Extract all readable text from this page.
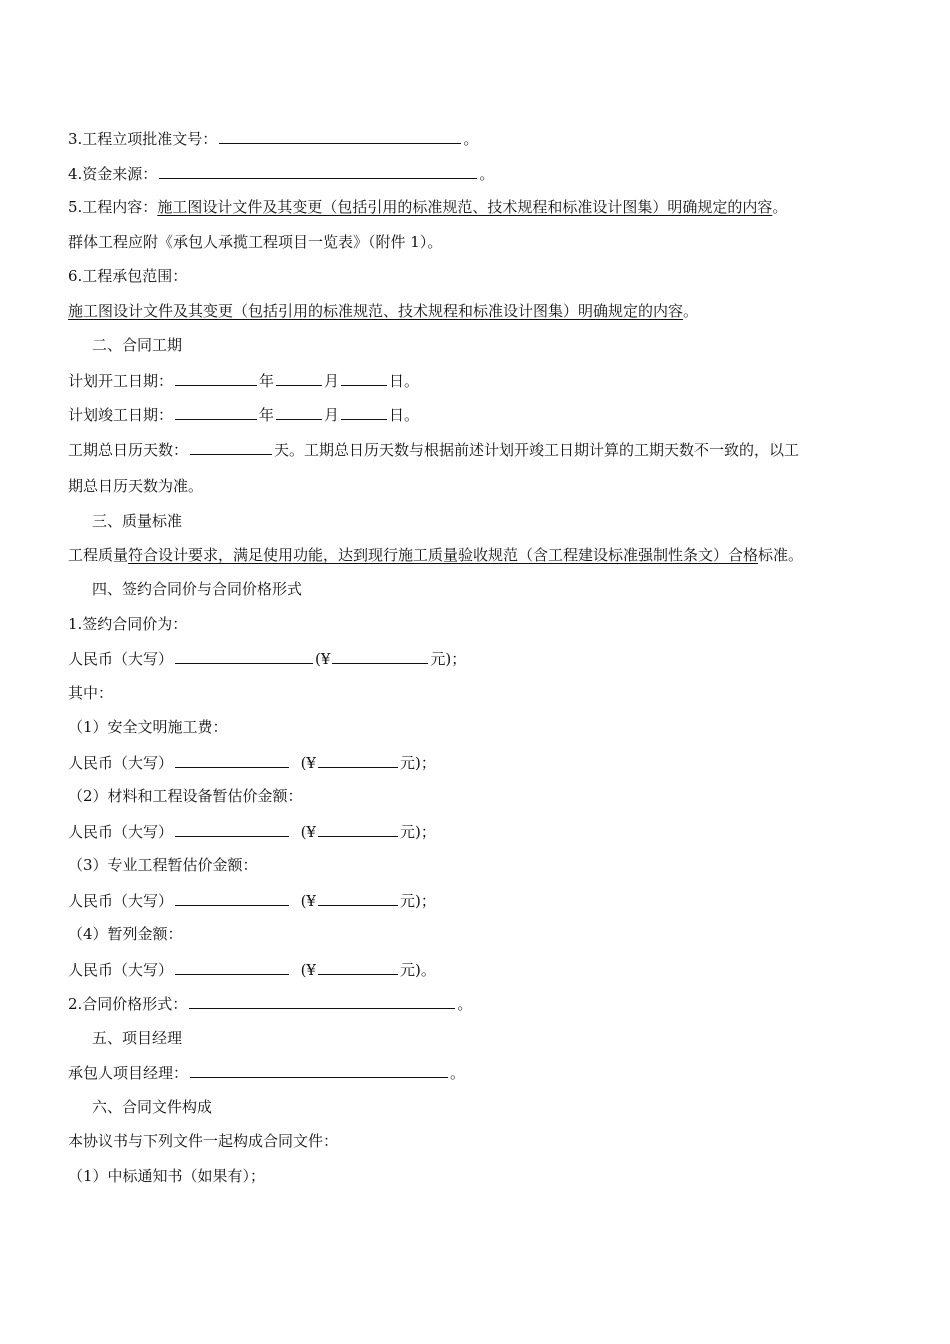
3.工程立项批准文号：	。
4.资金来源：	。
5.工程内容：施工图设计文件及其变更（包括引用的标准规范、技术规程和标准设计图集）明确规定的内容。
群体工程应附《承包人承揽工程项目一览表》（附件 1）。
6.工程承包范围：
施工图设计文件及其变更（包括引用的标准规范、技术规程和标准设计图集）明确规定的内容。
二、合同工期
计划开工日期：	年	月	日。
计划竣工日期：	年	月	日。
工期总日历天数：	天。工期总日历天数与根据前述计划开竣工日期计算的工期天数不一致的，以工
期总日历天数为准。
三、质量标准
工程质量符合设计要求，满足使用功能，达到现行施工质量验收规范（含工程建设标准强制性条文）合格标准。
四、签约合同价与合同价格形式
1.签约合同价为：
人民币（大写）	(¥	元)；
其中：
（1）安全文明施工费：
人民币（大写）	(¥	元)；
（2）材料和工程设备暂估价金额：
人民币（大写）	(¥	元)；
（3）专业工程暂估价金额：
人民币（大写）	(¥	元)；
（4）暂列金额：
人民币（大写）	(¥	元)。
2.合同价格形式：	。
五、项目经理
承包人项目经理：	。
六、合同文件构成
本协议书与下列文件一起构成合同文件：
（1）中标通知书（如果有）；
